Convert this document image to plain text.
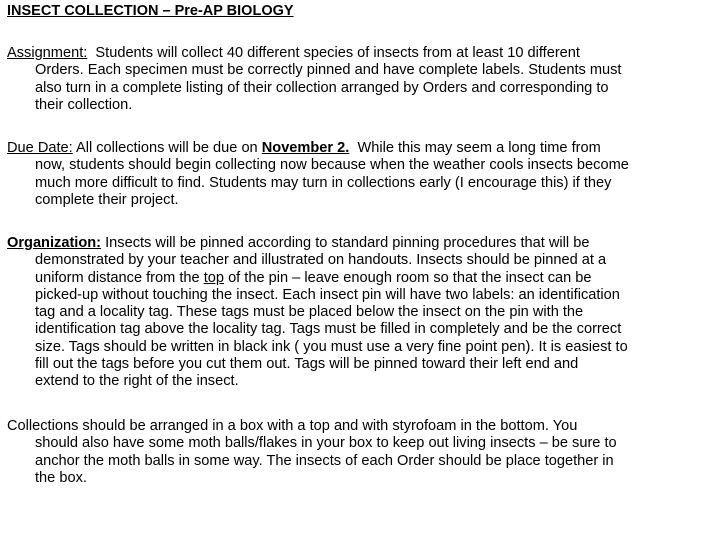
INSECT COLLECTION – Pre-AP BIOLOGY
Assignment:  Students will collect 40 different species of insects from at least 10 different
Orders. Each specimen must be correctly pinned and have complete labels. Students must
also turn in a complete listing of their collection arranged by Orders and corresponding to
their collection.
Due Date: All collections will be due on November 2.  While this may seem a long time from
now, students should begin collecting now because when the weather cools insects become
much more difficult to find. Students may turn in collections early (I encourage this) if they
complete their project.
Organization: Insects will be pinned according to standard pinning procedures that will be
demonstrated by your teacher and illustrated on handouts. Insects should be pinned at a
uniform distance from the top of the pin – leave enough room so that the insect can be
picked-up without touching the insect. Each insect pin will have two labels: an identification
tag and a locality tag. These tags must be placed below the insect on the pin with the
identification tag above the locality tag. Tags must be filled in completely and be the correct
size. Tags should be written in black ink ( you must use a very fine point pen). It is easiest to
fill out the tags before you cut them out. Tags will be pinned toward their left end and
extend to the right of the insect.
Collections should be arranged in a box with a top and with styrofoam in the bottom. You
should also have some moth balls/flakes in your box to keep out living insects – be sure to
anchor the moth balls in some way. The insects of each Order should be place together in
the box.
